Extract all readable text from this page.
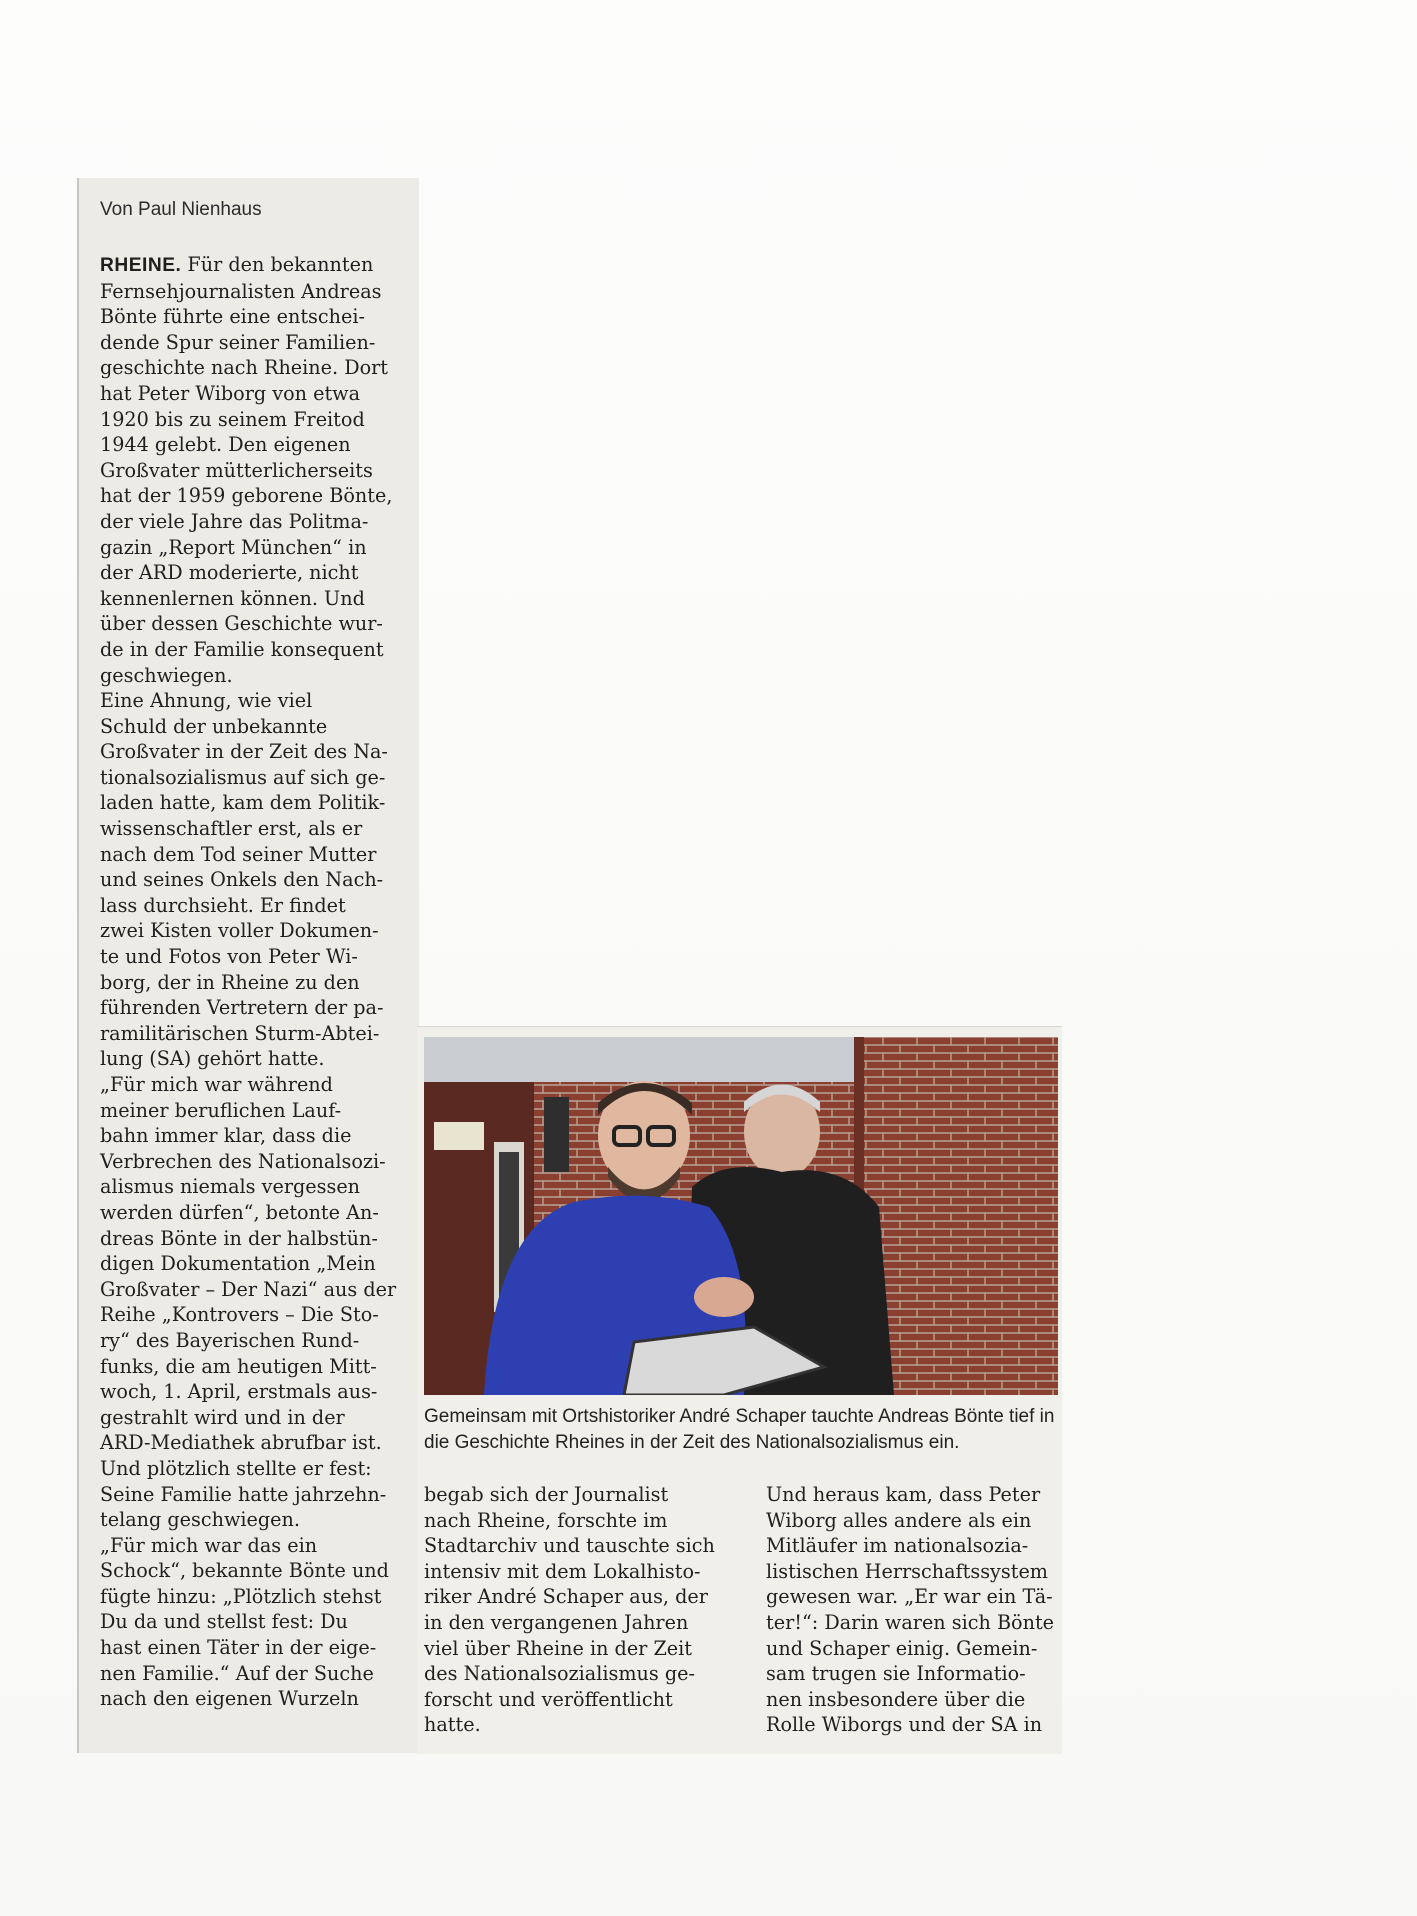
Von Paul Nienhaus
RHEINE. Für den bekannten
Fernsehjournalisten Andreas
Bönte führte eine entschei-
dende Spur seiner Familien-
geschichte nach Rheine. Dort
hat Peter Wiborg von etwa
1920 bis zu seinem Freitod
1944 gelebt. Den eigenen
Großvater mütterlicherseits
hat der 1959 geborene Bönte,
der viele Jahre das Politma-
gazin „Report München“ in
der ARD moderierte, nicht
kennenlernen können. Und
über dessen Geschichte wur-
de in der Familie konsequent
geschwiegen.
Eine Ahnung, wie viel
Schuld der unbekannte
Großvater in der Zeit des Na-
tionalsozialismus auf sich ge-
laden hatte, kam dem Politik-
wissenschaftler erst, als er
nach dem Tod seiner Mutter
und seines Onkels den Nach-
lass durchsieht. Er findet
zwei Kisten voller Dokumen-
te und Fotos von Peter Wi-
borg, der in Rheine zu den
führenden Vertretern der pa-
ramilitärischen Sturm-Abtei-
lung (SA) gehört hatte.
„Für mich war während
meiner beruflichen Lauf-
bahn immer klar, dass die
Verbrechen des Nationalsozi-
alismus niemals vergessen
werden dürfen“, betonte An-
dreas Bönte in der halbstün-
digen Dokumentation „Mein
Großvater – Der Nazi“ aus der
Reihe „Kontrovers – Die Sto-
ry“ des Bayerischen Rund-
funks, die am heutigen Mitt-
woch, 1. April, erstmals aus-
gestrahlt wird und in der
ARD-Mediathek abrufbar ist.
Und plötzlich stellte er fest:
Seine Familie hatte jahrzehn-
telang geschwiegen.
„Für mich war das ein
Schock“, bekannte Bönte und
fügte hinzu: „Plötzlich stehst
Du da und stellst fest: Du
hast einen Täter in der eige-
nen Familie.“ Auf der Suche
nach den eigenen Wurzeln
Gemeinsam mit Ortshistoriker André Schaper tauchte Andreas Bönte tief in die Geschichte Rheines in der Zeit des Nationalsozialismus ein.
begab sich der Journalist
nach Rheine, forschte im
Stadtarchiv und tauschte sich
intensiv mit dem Lokalhisto-
riker André Schaper aus, der
in den vergangenen Jahren
viel über Rheine in der Zeit
des Nationalsozialismus ge-
forscht und veröffentlicht
hatte.
Und heraus kam, dass Peter
Wiborg alles andere als ein
Mitläufer im nationalsozia-
listischen Herrschaftssystem
gewesen war. „Er war ein Tä-
ter!“: Darin waren sich Bönte
und Schaper einig. Gemein-
sam trugen sie Informatio-
nen insbesondere über die
Rolle Wiborgs und der SA in
